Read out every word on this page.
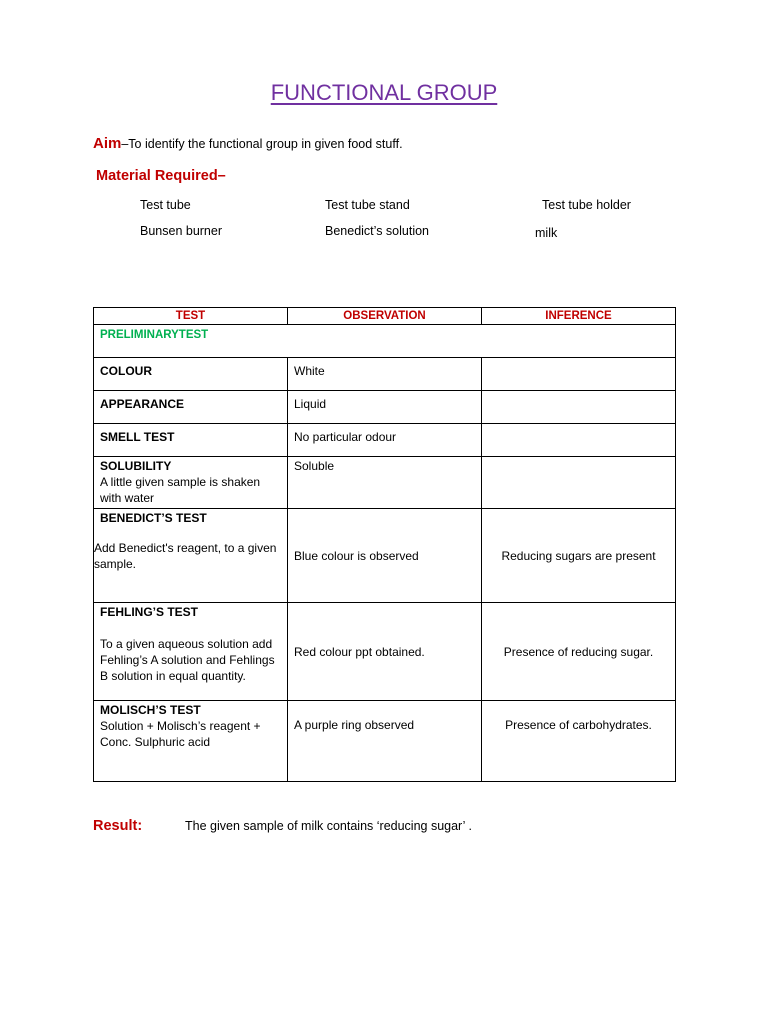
FUNCTIONAL GROUP
Aim–To identify the functional group in given food stuff.
Material Required–
Test tube	Test tube stand	Test tube holder
Bunsen burner	Benedict’s solution	milk
TEST	OBSERVATION	INFERENCE
PRELIMINARYTEST		
COLOUR	White	
APPEARANCE	Liquid	
SMELL TEST	No particular odour	

SOLUBILITY
A little given sample is shaken with water	Soluble	

BENEDICT’S TEST
Add Benedict's reagent, to a given sample.	Blue colour is observed	Reducing sugars are present

FEHLING’S TEST
To a given aqueous solution add Fehling’s A solution and Fehlings B solution in equal quantity.	Red colour ppt obtained.	Presence of reducing sugar.

MOLISCH’S TEST
Solution + Molisch’s reagent + Conc. Sulphuric acid	A purple ring observed	Presence of carbohydrates.
Result:	The given sample of milk contains ‘reducing sugar’ .
